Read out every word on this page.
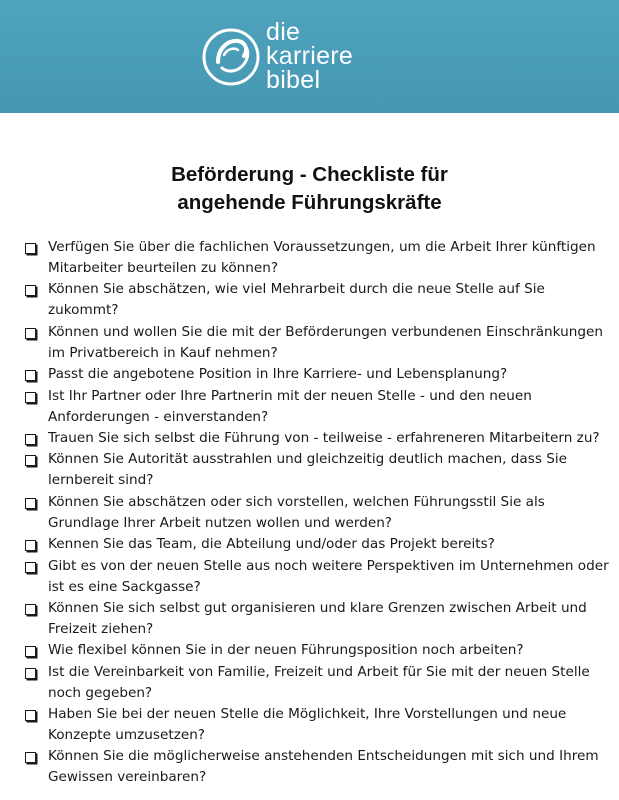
die
karriere
bibel
Beförderung - Checkliste für
angehende Führungskräfte
Verfügen Sie über die fachlichen Voraussetzungen, um die Arbeit Ihrer künftigen Mitarbeiter beurteilen zu können?
Können Sie abschätzen, wie viel Mehrarbeit durch die neue Stelle auf Sie zukommt?
Können und wollen Sie die mit der Beförderungen verbundenen Einschränkungen im Privatbereich in Kauf nehmen?
Passt die angebotene Position in Ihre Karriere- und Lebensplanung?
Ist Ihr Partner oder Ihre Partnerin mit der neuen Stelle - und den neuen Anforderungen - einverstanden?
Trauen Sie sich selbst die Führung von - teilweise - erfahreneren Mitarbeitern zu?
Können Sie Autorität ausstrahlen und gleichzeitig deutlich machen, dass Sie lernbereit sind?
Können Sie abschätzen oder sich vorstellen, welchen Führungsstil Sie als Grundlage Ihrer Arbeit nutzen wollen und werden?
Kennen Sie das Team, die Abteilung und/oder das Projekt bereits?
Gibt es von der neuen Stelle aus noch weitere Perspektiven im Unternehmen oder ist es eine Sackgasse?
Können Sie sich selbst gut organisieren und klare Grenzen zwischen Arbeit und Freizeit ziehen?
Wie flexibel können Sie in der neuen Führungsposition noch arbeiten?
Ist die Vereinbarkeit von Familie, Freizeit und Arbeit für Sie mit der neuen Stelle noch gegeben?
Haben Sie bei der neuen Stelle die Möglichkeit, Ihre Vorstellungen und neue Konzepte umzusetzen?
Können Sie die möglicherweise anstehenden Entscheidungen mit sich und Ihrem Gewissen vereinbaren?
